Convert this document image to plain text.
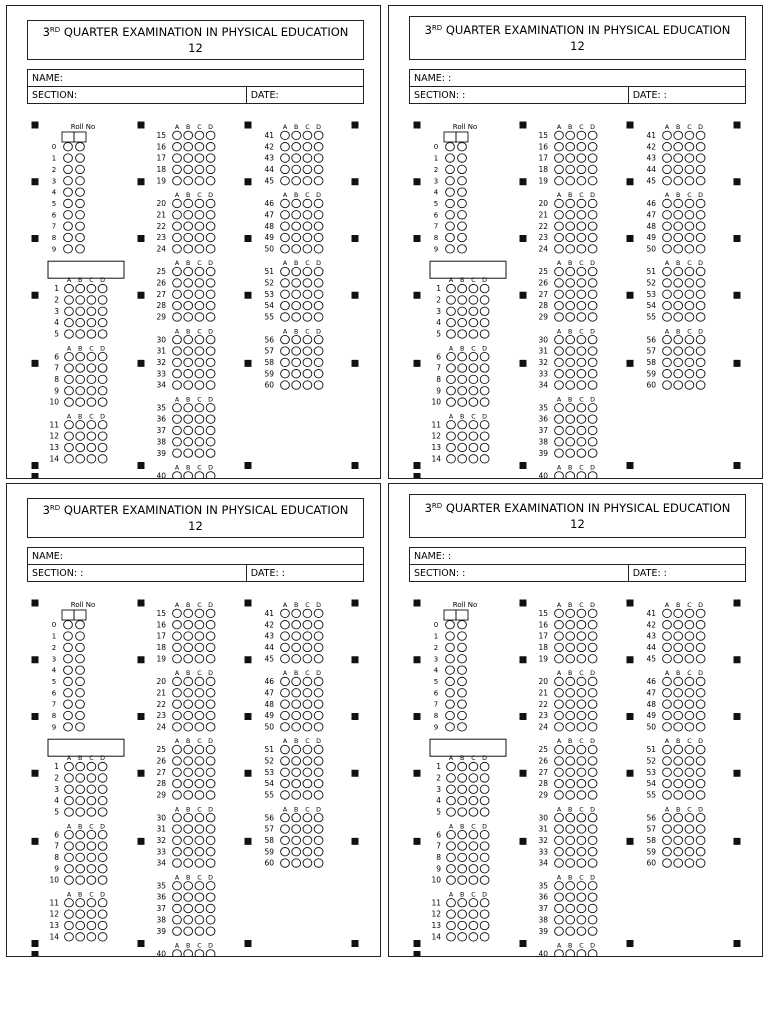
3RD QUARTER EXAMINATION IN PHYSICAL EDUCATION 12
NAME:
SECTION:	DATE:
Roll No
0
1
2
3
4
5
6
7
8
9
A B C D
1
2
3
4
5
A B C D
6
7
8
9
10
A B C D
11
12
13
14
A B C D
15
16
17
18
19
A B C D
20
21
22
23
24
A B C D
25
26
27
28
29
A B C D
30
31
32
33
34
A B C D
35
36
37
38
39
A B C D
40
A B C D
41
42
43
44
45
A B C D
46
47
48
49
50
A B C D
51
52
53
54
55
A B C D
56
57
58
59
60
3RD QUARTER EXAMINATION IN PHYSICAL EDUCATION 12
NAME: :
SECTION: :	DATE: :
Roll No
0
1
2
3
4
5
6
7
8
9
A B C D
1
2
3
4
5
A B C D
6
7
8
9
10
A B C D
11
12
13
14
A B C D
15
16
17
18
19
A B C D
20
21
22
23
24
A B C D
25
26
27
28
29
A B C D
30
31
32
33
34
A B C D
35
36
37
38
39
A B C D
40
A B C D
41
42
43
44
45
A B C D
46
47
48
49
50
A B C D
51
52
53
54
55
A B C D
56
57
58
59
60
3RD QUARTER EXAMINATION IN PHYSICAL EDUCATION 12
NAME:
SECTION: :	DATE: :
Roll No
0
1
2
3
4
5
6
7
8
9
A B C D
1
2
3
4
5
A B C D
6
7
8
9
10
A B C D
11
12
13
14
A B C D
15
16
17
18
19
A B C D
20
21
22
23
24
A B C D
25
26
27
28
29
A B C D
30
31
32
33
34
A B C D
35
36
37
38
39
A B C D
40
A B C D
41
42
43
44
45
A B C D
46
47
48
49
50
A B C D
51
52
53
54
55
A B C D
56
57
58
59
60
3RD QUARTER EXAMINATION IN PHYSICAL EDUCATION 12
NAME: :
SECTION: :	DATE: :
Roll No
0
1
2
3
4
5
6
7
8
9
A B C D
1
2
3
4
5
A B C D
6
7
8
9
10
A B C D
11
12
13
14
A B C D
15
16
17
18
19
A B C D
20
21
22
23
24
A B C D
25
26
27
28
29
A B C D
30
31
32
33
34
A B C D
35
36
37
38
39
A B C D
40
A B C D
41
42
43
44
45
A B C D
46
47
48
49
50
A B C D
51
52
53
54
55
A B C D
56
57
58
59
60
